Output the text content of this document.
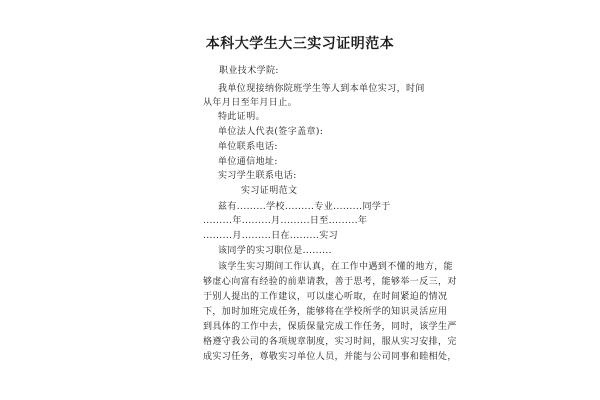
本科大学生大三实习证明范本
职业技术学院:
我单位现接纳你院班学生等人到本单位实习，时间
从年月日至年月日止。
特此证明。
单位法人代表(签字盖章):
单位联系电话:
单位通信地址:
实习学生联系电话:
实习证明范文
兹有.........学校.........专业.........同学于
.........年.........月.........日至.........年
.........月.........日在.........实习
该同学的实习职位是.........
该学生实习期间工作认真，在工作中遇到不懂的地方，能
够虚心向富有经验的前辈请教，善于思考，能够举一反三，对
于别人提出的工作建议，可以虚心听取，在时间紧迫的情况
下，加时加班完成任务，能够将在学校所学的知识灵活应用
到具体的工作中去，保质保量完成工作任务，同时，该学生严
格遵守我公司的各项规章制度，实习时间，服从实习安排，完
成实习任务，尊敬实习单位人员，并能与公司同事和睦相处，
